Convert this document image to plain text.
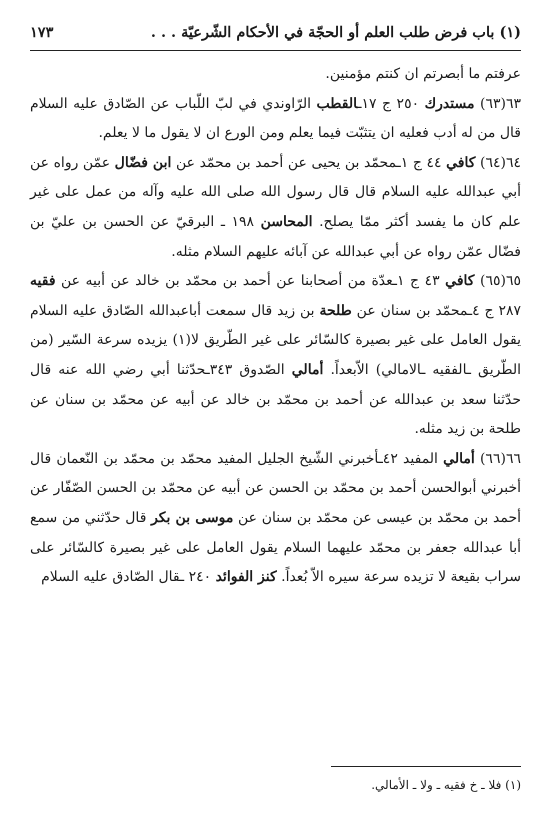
(١) باب فرض طلب العلم أو الحجّة في الأحكام الشّرعيّة . . .
١٧٣

عرفتم ما أبصرتم ان كنتم مؤمنين.

٦٣(٦٣) مستدرك ٢٥٠ ج ١٧ـالقطب الرّاوندي في لبّ اللّباب عن الصّادق عليه السلام قال من له أدب فعليه ان يتثبّت فيما يعلم ومن الورع ان لا يقول ما لا يعلم.

٦٤(٦٤) كافي ٤٤ ج ١ـمحمّد بن يحيى عن أحمد بن محمّد عن ابن فضّال عمّن رواه عن أبي عبدالله عليه السلام قال قال رسول الله صلى الله عليه وآله من عمل على غير علم كان ما يفسد أكثر ممّا يصلح. المحاسن ١٩٨ ـ البرقيّ عن الحسن بن عليّ بن فضّال عمّن رواه عن أبي عبدالله عن آبائه عليهم السلام مثله.

٦٥(٦٥) كافي ٤٣ ج ١ـعدّة من أصحابنا عن أحمد بن محمّد بن خالد عن أبيه عن فقيه ٢٨٧ ج ٤ـمحمّد بن سنان عن طلحة بن زيد قال سمعت أباعبدالله الصّادق عليه السلام يقول العامل على غير بصيرة كالسّائر على غير الطّريق لا(١) يزيده سرعة السّير (من الطّريق ـالفقيه ـالامالي) الاّبعداً. أمالي الصّدوق ٣٤٣ـحدّثنا أبي رضي الله عنه قال حدّثنا سعد بن عبدالله عن أحمد بن محمّد بن خالد عن أبيه عن محمّد بن سنان عن طلحة بن زيد مثله.

٦٦(٦٦) أمالي المفيد ٤٢ـأخبرني الشّيخ الجليل المفيد محمّد بن محمّد بن النّعمان قال أخبرني أبوالحسن أحمد بن محمّد بن الحسن عن أبيه عن محمّد بن الحسن الصّفّار عن أحمد بن محمّد بن عيسى عن محمّد بن سنان عن موسى بن بكر قال حدّثني من سمع أبا عبدالله جعفر بن محمّد عليهما السلام يقول العامل على غير بصيرة كالسّائر على سراب بقيعة لا تزيده سرعة سيره الاّ بُعداً. كنز الفوائد ٢٤٠ ـقال الصّادق عليه السلام

(١) فلا ـ خ فقيه ـ ولا ـ الأمالي.
